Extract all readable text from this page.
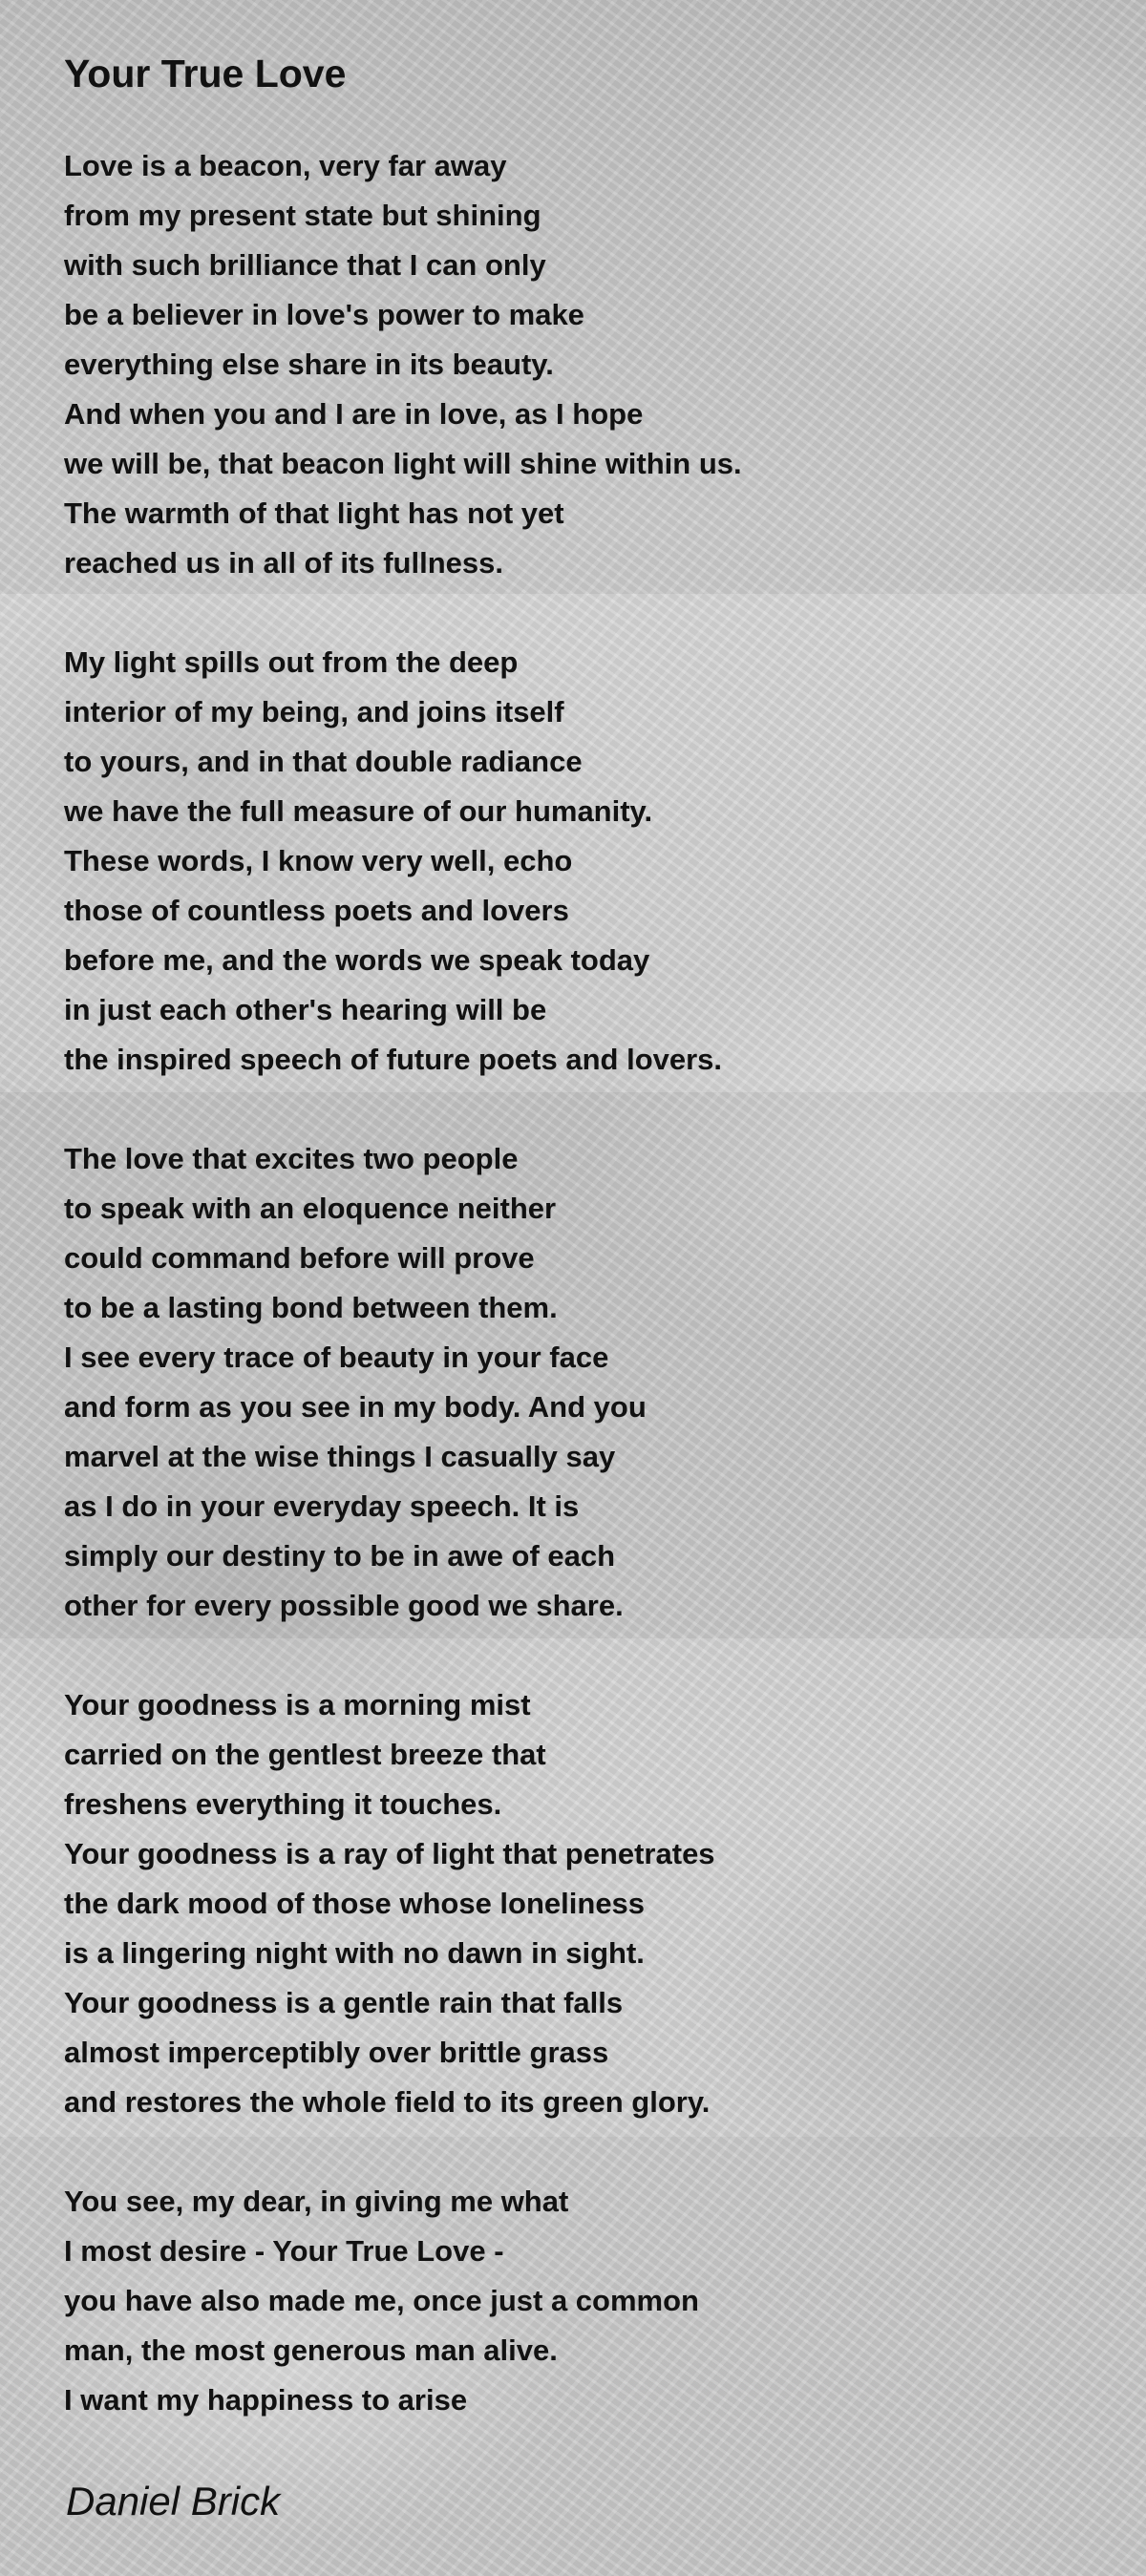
Your True Love
Love is a beacon, very far away
from my present state but shining
with such brilliance that I can only
be a believer in love's power to make
everything else share in its beauty.
And when you and I are in love, as I hope
we will be, that beacon light will shine within us.
The warmth of that light has not yet
reached us in all of its fullness.
My light spills out from the deep
interior of my being, and joins itself
to yours, and in that double radiance
we have the full measure of our humanity.
These words, I know very well, echo
those of countless poets and lovers
before me, and the words we speak today
in just each other's hearing will be
the inspired speech of future poets and lovers.
The love that excites two people
to speak with an eloquence neither
could command before will prove
to be a lasting bond between them.
I see every trace of beauty in your face
and form as you see in my body. And you
marvel at the wise things I casually say
as I do in your everyday speech. It is
simply our destiny to be in awe of each
other for every possible good we share.
Your goodness is a morning mist
carried on the gentlest breeze that
freshens everything it touches.
Your goodness is a ray of light that penetrates
the dark mood of those whose loneliness
is a lingering night with no dawn in sight.
Your goodness is a gentle rain that falls
almost imperceptibly over brittle grass
and restores the whole field to its green glory.
You see, my dear, in giving me what
I most desire - Your True Love -
you have also made me, once just a common
man, the most generous man alive.
I want my happiness to arise
Daniel Brick
